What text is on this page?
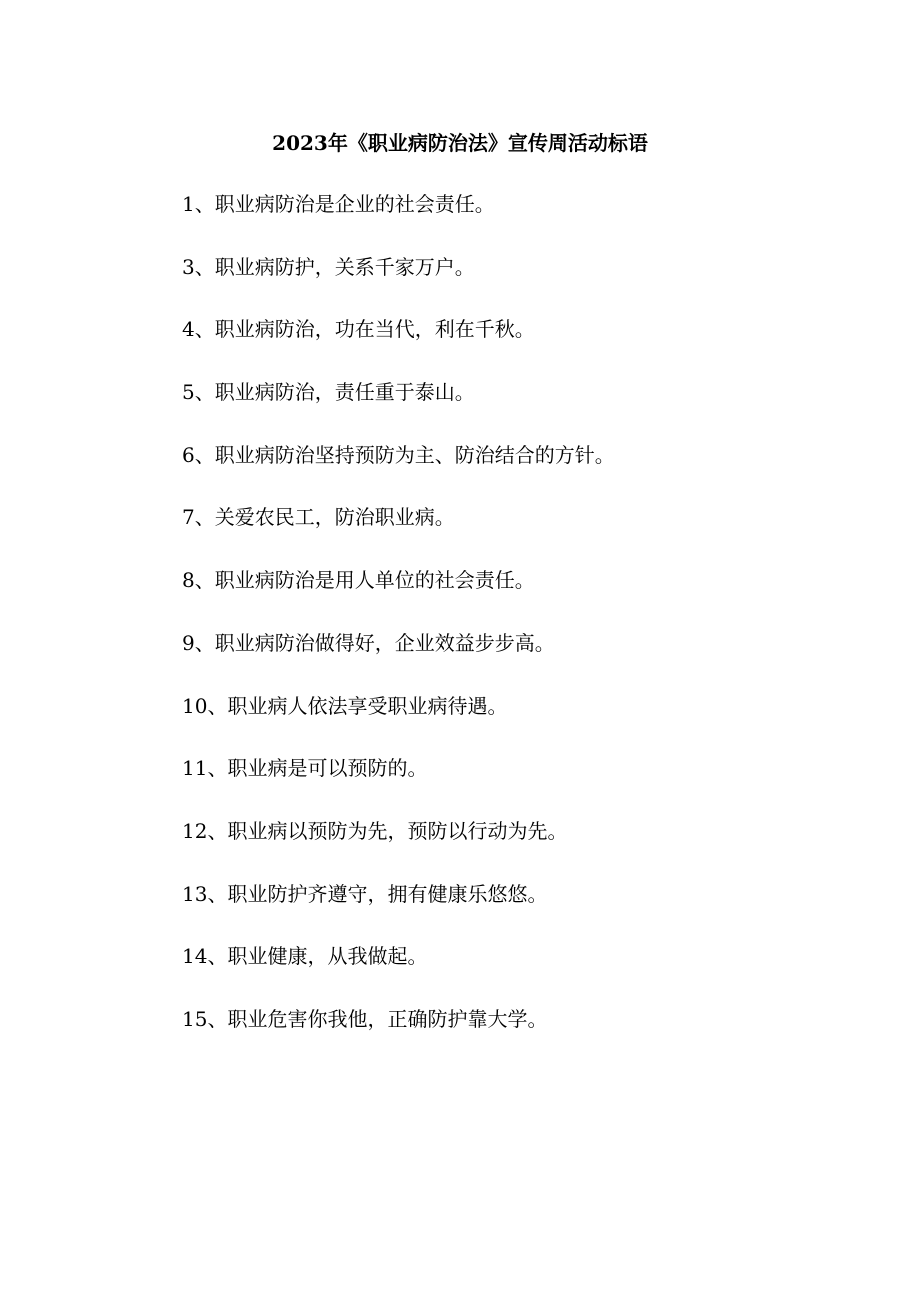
2023年《职业病防治法》宣传周活动标语
1、职业病防治是企业的社会责任。
3、职业病防护，关系千家万户。
4、职业病防治，功在当代，利在千秋。
5、职业病防治，责任重于泰山。
6、职业病防治坚持预防为主、防治结合的方针。
7、关爱农民工，防治职业病。
8、职业病防治是用人单位的社会责任。
9、职业病防治做得好，企业效益步步高。
10、职业病人依法享受职业病待遇。
11、职业病是可以预防的。
12、职业病以预防为先，预防以行动为先。
13、职业防护齐遵守，拥有健康乐悠悠。
14、职业健康，从我做起。
15、职业危害你我他，正确防护靠大学。
